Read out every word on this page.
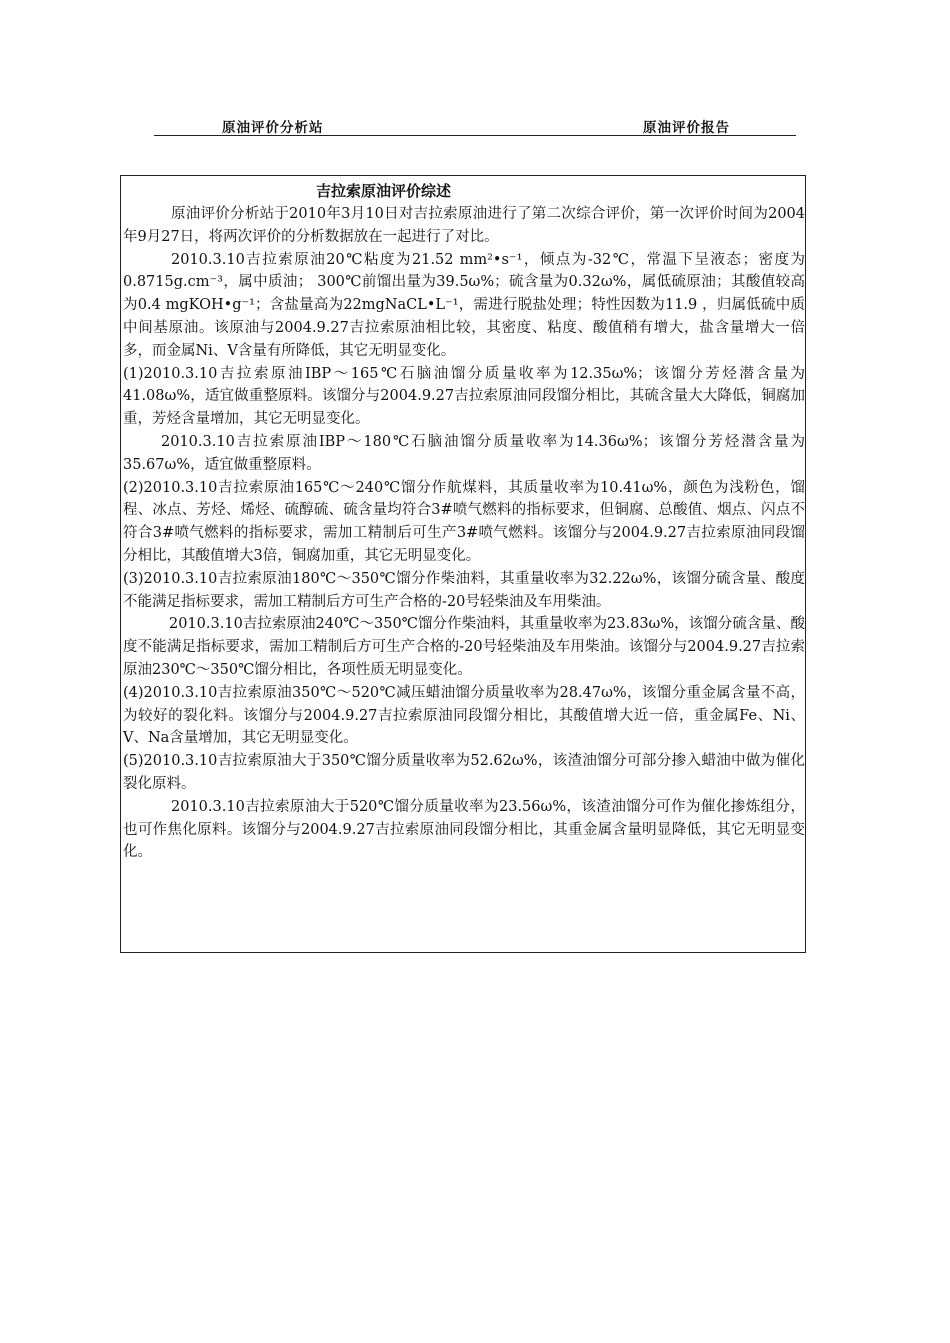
原油评价分析站	原油评价报告
吉拉索原油评价综述

原油评价分析站于2010年3月10日对吉拉索原油进行了第二次综合评价，第一次评价时间为2004年9月27日，将两次评价的分析数据放在一起进行了对比。

2010.3.10吉拉索原油20℃粘度为21.52 mm²•s⁻¹，倾点为-32℃，常温下呈液态；密度为0.8715g.cm⁻³，属中质油； 300℃前馏出量为39.5ω%；硫含量为0.32ω%，属低硫原油；其酸值较高为0.4 mgKOH•g⁻¹；含盐量高为22mgNaCL•L⁻¹，需进行脱盐处理；特性因数为11.9 ，归属低硫中质中间基原油。该原油与2004.9.27吉拉索原油相比较，其密度、粘度、酸值稍有增大，盐含量增大一倍多，而金属Ni、V含量有所降低，其它无明显变化。

(1)2010.3.10吉拉索原油IBP～165℃石脑油馏分质量收率为12.35ω%；该馏分芳烃潜含量为41.08ω%，适宜做重整原料。该馏分与2004.9.27吉拉索原油同段馏分相比，其硫含量大大降低，铜腐加重，芳烃含量增加，其它无明显变化。

2010.3.10吉拉索原油IBP～180℃石脑油馏分质量收率为14.36ω%；该馏分芳烃潜含量为35.67ω%，适宜做重整原料。

(2)2010.3.10吉拉索原油165℃～240℃馏分作航煤料，其质量收率为10.41ω%，颜色为浅粉色，馏程、冰点、芳烃、烯烃、硫醇硫、硫含量均符合3#喷气燃料的指标要求，但铜腐、总酸值、烟点、闪点不符合3#喷气燃料的指标要求，需加工精制后可生产3#喷气燃料。该馏分与2004.9.27吉拉索原油同段馏分相比，其酸值增大3倍，铜腐加重，其它无明显变化。

(3)2010.3.10吉拉索原油180℃～350℃馏分作柴油料，其重量收率为32.22ω%，该馏分硫含量、酸度不能满足指标要求，需加工精制后方可生产合格的-20号轻柴油及车用柴油。

2010.3.10吉拉索原油240℃～350℃馏分作柴油料，其重量收率为23.83ω%，该馏分硫含量、酸度不能满足指标要求，需加工精制后方可生产合格的-20号轻柴油及车用柴油。该馏分与2004.9.27吉拉索原油230℃～350℃馏分相比，各项性质无明显变化。

(4)2010.3.10吉拉索原油350℃～520℃减压蜡油馏分质量收率为28.47ω%，该馏分重金属含量不高，为较好的裂化料。该馏分与2004.9.27吉拉索原油同段馏分相比，其酸值增大近一倍，重金属Fe、Ni、V、Na含量增加，其它无明显变化。

(5)2010.3.10吉拉索原油大于350℃馏分质量收率为52.62ω%，该渣油馏分可部分掺入蜡油中做为催化裂化原料。

2010.3.10吉拉索原油大于520℃馏分质量收率为23.56ω%，该渣油馏分可作为催化掺炼组分，也可作焦化原料。该馏分与2004.9.27吉拉索原油同段馏分相比，其重金属含量明显降低，其它无明显变化。
